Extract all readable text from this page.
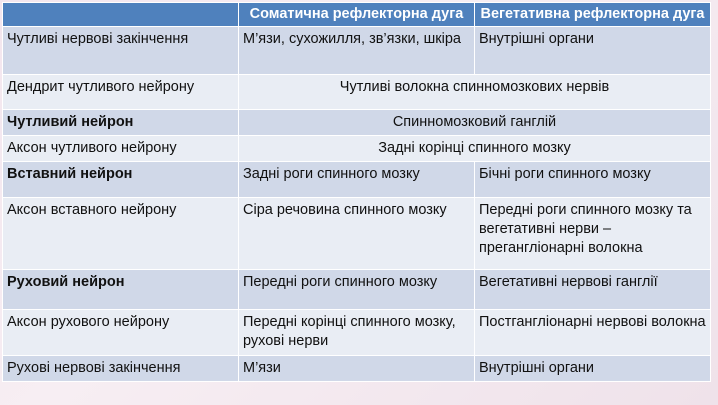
	Соматична рефлекторна дуга	Вегетативна рефлекторна дуга
Чутливі нервові закінчення	М’язи, сухожилля, зв’язки, шкіра	Внутрішні органи
Дендрит чутливого нейрону	Чутливі волокна спинномозкових нервів	
Чутливий нейрон	Спинномозковий ганглій	
Аксон чутливого нейрону	Задні корінці спинного мозку	
Вставний нейрон	Задні роги спинного мозку	Бічні роги спинного мозку
Аксон вставного нейрону	Сіра речовина спинного мозку	Передні роги спинного мозку та вегетативні нерви – прегангліонарні волокна
Руховий нейрон	Передні роги спинного мозку	Вегетативні нервові ганглії
Аксон рухового нейрону	Передні корінці спинного мозку, рухові нерви	Постгангліонарні нервові волокна
Рухові нервові закінчення	М’язи	Внутрішні органи
